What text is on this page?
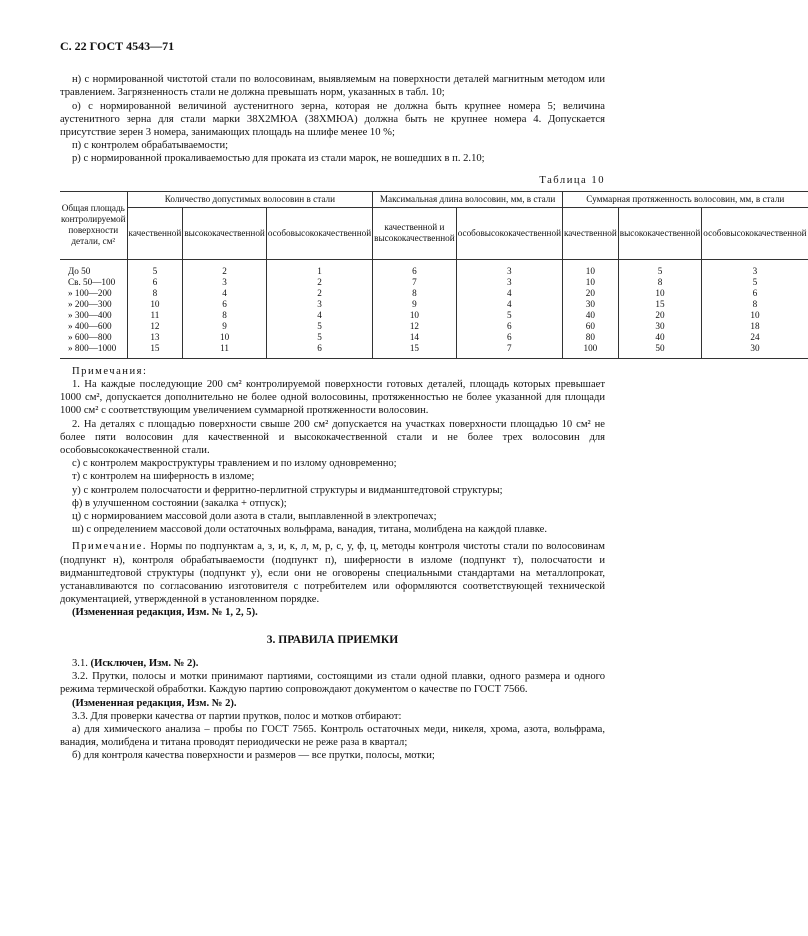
С. 22 ГОСТ 4543—71

н) с нормированной чистотой стали по волосовинам, выявляемым на поверхности деталей магнитным методом или травлением. Загрязненность стали не должна превышать норм, указанных в табл. 10;

о) с нормированной величиной аустенитного зерна, которая не должна быть крупнее номера 5; величина аустенитного зерна для стали марки 38Х2МЮА (38ХМЮА) должна быть не крупнее номера 4. Допускается присутствие зерен 3 номера, занимающих площадь на шлифе менее 10 %;

п) с контролем обрабатываемости;

р) с нормированной прокаливаемостью для проката из стали марок, не вошедших в п. 2.10;

Таблица 10
Общая площадь контролируемой поверхности детали, см²	Количество допустимых волосовин в стали			Максимальная длина волосовин, мм, в стали		Суммарная протяженность волосовин, мм, в стали		
	качественной	высококачественной	особовысококачественной	качественной и высококачественной	особовысококачественной	качественной	высококачественной	особовысококачественной
До 50	5	2	1	6	3	10	5	3
Св. 50—100	6	3	2	7	3	10	8	5
» 100—200	8	4	2	8	4	20	10	6
» 200—300	10	6	3	9	4	30	15	8
» 300—400	11	8	4	10	5	40	20	10
» 400—600	12	9	5	12	6	60	30	18
» 600—800	13	10	5	14	6	80	40	24
» 800—1000	15	11	6	15	7	100	50	30

Примечания:

1. На каждые последующие 200 см² контролируемой поверхности готовых деталей, площадь которых превышает 1000 см², допускается дополнительно не более одной волосовины, протяженностью не более указанной для площади 1000 см² с соответствующим увеличением суммарной протяженности волосовин.

2. На деталях с площадью поверхности свыше 200 см² допускается на участках поверхности площадью 10 см² не более пяти волосовин для качественной и высококачественной стали и не более трех волосовин для особовысококачественной стали.

с) с контролем макроструктуры травлением и по излому одновременно;

т) с контролем на шиферность в изломе;

у) с контролем полосчатости и ферритно-перлитной структуры и видманштедтовой структуры;

ф) в улучшенном состоянии (закалка + отпуск);

ц) с нормированием массовой доли азота в стали, выплавленной в электропечах;

ш) с определением массовой доли остаточных вольфрама, ванадия, титана, молибдена на каждой плавке.

Примечание. Нормы по подпунктам а, з, и, к, л, м, р, с, у, ф, ц, методы контроля чистоты стали по волосовинам (подпункт н), контроля обрабатываемости (подпункт п), шиферности в изломе (подпункт т), полосчатости и видманштедтовой структуры (подпункт у), если они не оговорены специальными стандартами на металлопрокат, устанавливаются по согласованию изготовителя с потребителем или оформляются соответствующей технической документацией, утвержденной в установленном порядке.

(Измененная редакция, Изм. № 1, 2, 5).

3. ПРАВИЛА ПРИЕМКИ

3.1. (Исключен, Изм. № 2).

3.2. Прутки, полосы и мотки принимают партиями, состоящими из стали одной плавки, одного размера и одного режима термической обработки. Каждую партию сопровождают документом о качестве по ГОСТ 7566.

(Измененная редакция, Изм. № 2).

3.3. Для проверки качества от партии прутков, полос и мотков отбирают:

а) для химического анализа – пробы по ГОСТ 7565. Контроль остаточных меди, никеля, хрома, азота, вольфрама, ванадия, молибдена и титана проводят периодически не реже раза в квартал;

б) для контроля качества поверхности и размеров — все прутки, полосы, мотки;
